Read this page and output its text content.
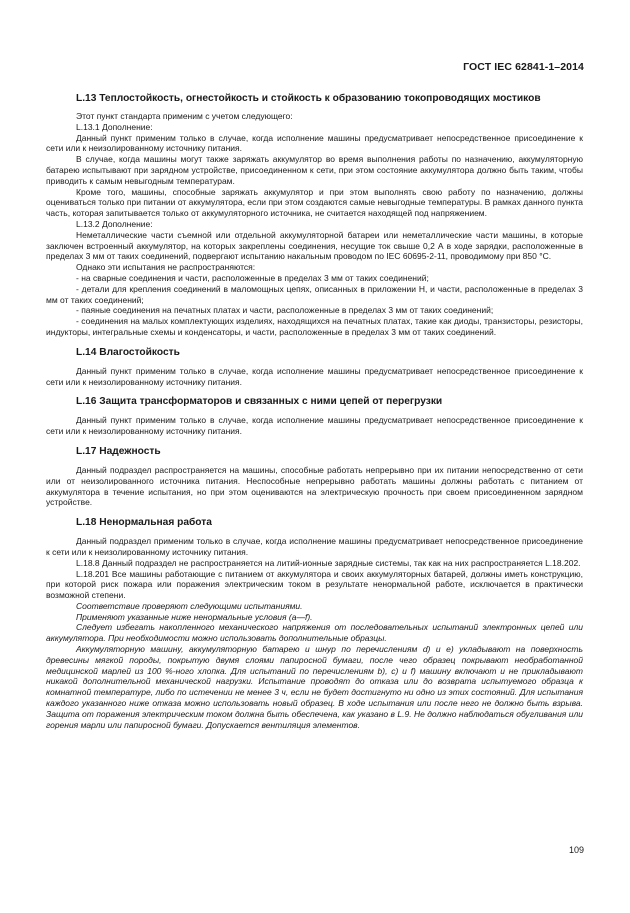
ГОСТ IEC 62841-1–2014
L.13 Теплостойкость, огнестойкость и стойкость к образованию токопроводящих мостиков

Этот пункт стандарта применим с учетом следующего:

L.13.1 Дополнение:

Данный пункт применим только в случае, когда исполнение машины предусматривает непосредственное присоединение к сети или к неизолированному источнику питания.

В случае, когда машины могут также заряжать аккумулятор во время выполнения работы по назначению, аккумуляторную батарею испытывают при зарядном устройстве, присоединенном к сети, при этом состояние аккумулятора должно быть таким, чтобы приводить к самым невыгодным температурам.

Кроме того, машины, способные заряжать аккумулятор и при этом выполнять свою работу по назначению, должны оцениваться только при питании от аккумулятора, если при этом создаются самые невыгодные температуры. В рамках данного пункта часть, которая запитывается только от аккумуляторного источника, не считается находящей под напряжением.

L.13.2 Дополнение:

Неметаллические части съемной или отдельной аккумуляторной батареи или неметаллические части машины, в которые заключен встроенный аккумулятор, на которых закреплены соединения, несущие ток свыше 0,2 А в ходе зарядки, расположенные в пределах 3 мм от таких соединений, подвергают испытанию накальным проводом по IEC 60695-2-11, проводимому при 850 °С.

Однако эти испытания не распространяются:

- на сварные соединения и части, расположенные в пределах 3 мм от таких соединений;

- детали для крепления соединений в маломощных цепях, описанных в приложении Н, и части, расположенные в пределах 3 мм от таких соединений;

- паяные соединения на печатных платах и части, расположенные в пределах 3 мм от таких соединений;

- соединения на малых комплектующих изделиях, находящихся на печатных платах, такие как диоды, транзисторы, резисторы, индукторы, интегральные схемы и конденсаторы, и части, расположенные в пределах 3 мм от таких соединений.

L.14 Влагостойкость

Данный пункт применим только в случае, когда исполнение машины предусматривает непосредственное присоединение к сети или к неизолированному источнику питания.

L.16 Защита трансформаторов и связанных с ними цепей от перегрузки

Данный пункт применим только в случае, когда исполнение машины предусматривает непосредственное присоединение к сети или к неизолированному источнику питания.

L.17 Надежность

Данный подраздел распространяется на машины, способные работать непрерывно при их питании непосредственно от сети или от неизолированного источника питания. Неспособные непрерывно работать машины должны работать с питанием от аккумулятора в течение испытания, но при этом оцениваются на электрическую прочность при своем присоединенном зарядном устройстве.

L.18 Ненормальная работа

Данный подраздел применим только в случае, когда исполнение машины предусматривает непосредственное присоединение к сети или к неизолированному источнику питания.

L.18.8 Данный подраздел не распространяется на литий-ионные зарядные системы, так как на них распространяется L.18.202.

L.18.201 Все машины работающие с питанием от аккумулятора и своих аккумуляторных батарей, должны иметь конструкцию, при которой риск пожара или поражения электрическим током в результате ненормальной работе, исключается в практически возможной степени.

Соответствие проверяют следующими испытаниями.

Применяют указанные ниже ненормальные условия (a—f).

Следует избегать накопленного механического напряжения от последовательных испытаний электронных цепей или аккумулятора. При необходимости можно использовать дополнительные образцы.

Аккумуляторную машину, аккумуляторную батарею и шнур по перечислениям d) и e) укладывают на поверхность древесины мягкой породы, покрытую двумя слоями папиросной бумаги, после чего образец покрывают необработанной медицинской марлей из 100 %-ного хлопка. Для испытаний по перечислениям b), c) и f) машину включают и не прикладывают никакой дополнительной механической нагрузки. Испытание проводят до отказа или до возврата испытуемого образца к комнатной температуре, либо по истечении не менее 3 ч, если не будет достигнуто ни одно из этих состояний. Для испытания каждого указанного ниже отказа можно использовать новый образец. В ходе испытания или после него не должно быть взрыва. Защита от поражения электрическим током должна быть обеспечена, как указано в L.9. Не должно наблюдаться обугливания или горения марли или папиросной бумаги. Допускается вентиляция элементов.

109
